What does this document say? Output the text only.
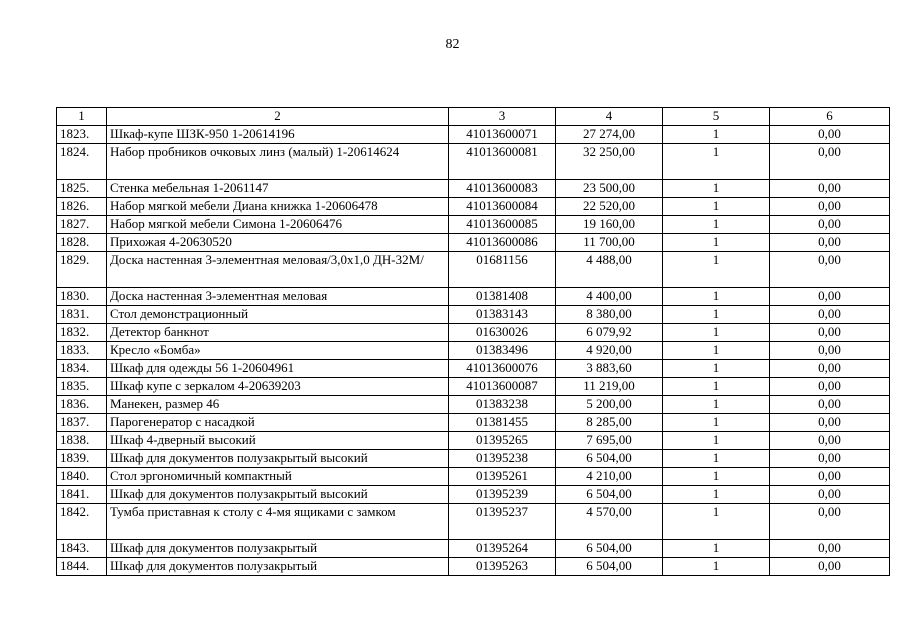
82
1	2	3	4	5	6
1823.	Шкаф-купе ШЗК-950 1-20614196	41013600071	27 274,00	1	0,00
1824.	Набор пробников очковых линз (малый) 1-20614624	41013600081	32 250,00	1	0,00
1825.	Стенка мебельная 1-2061147	41013600083	23 500,00	1	0,00
1826.	Набор мягкой мебели Диана книжка 1-20606478	41013600084	22 520,00	1	0,00
1827.	Набор мягкой мебели Симона 1-20606476	41013600085	19 160,00	1	0,00
1828.	Прихожая 4-20630520	41013600086	11 700,00	1	0,00
1829.	Доска настенная 3-элементная меловая/3,0х1,0 ДН-32М/	01681156	4 488,00	1	0,00
1830.	Доска настенная 3-элементная меловая	01381408	4 400,00	1	0,00
1831.	Стол демонстрационный	01383143	8 380,00	1	0,00
1832.	Детектор банкнот	01630026	6 079,92	1	0,00
1833.	Кресло «Бомба»	01383496	4 920,00	1	0,00
1834.	Шкаф для одежды 56 1-20604961	41013600076	3 883,60	1	0,00
1835.	Шкаф купе с зеркалом 4-20639203	41013600087	11 219,00	1	0,00
1836.	Манекен, размер 46	01383238	5 200,00	1	0,00
1837.	Парогенератор с насадкой	01381455	8 285,00	1	0,00
1838.	Шкаф 4-дверный высокий	01395265	7 695,00	1	0,00
1839.	Шкаф для документов полузакрытый высокий	01395238	6 504,00	1	0,00
1840.	Стол эргономичный компактный	01395261	4 210,00	1	0,00
1841.	Шкаф для документов полузакрытый высокий	01395239	6 504,00	1	0,00
1842.	Тумба приставная к столу с 4-мя ящиками с замком	01395237	4 570,00	1	0,00
1843.	Шкаф для документов полузакрытый	01395264	6 504,00	1	0,00
1844.	Шкаф для документов полузакрытый	01395263	6 504,00	1	0,00
